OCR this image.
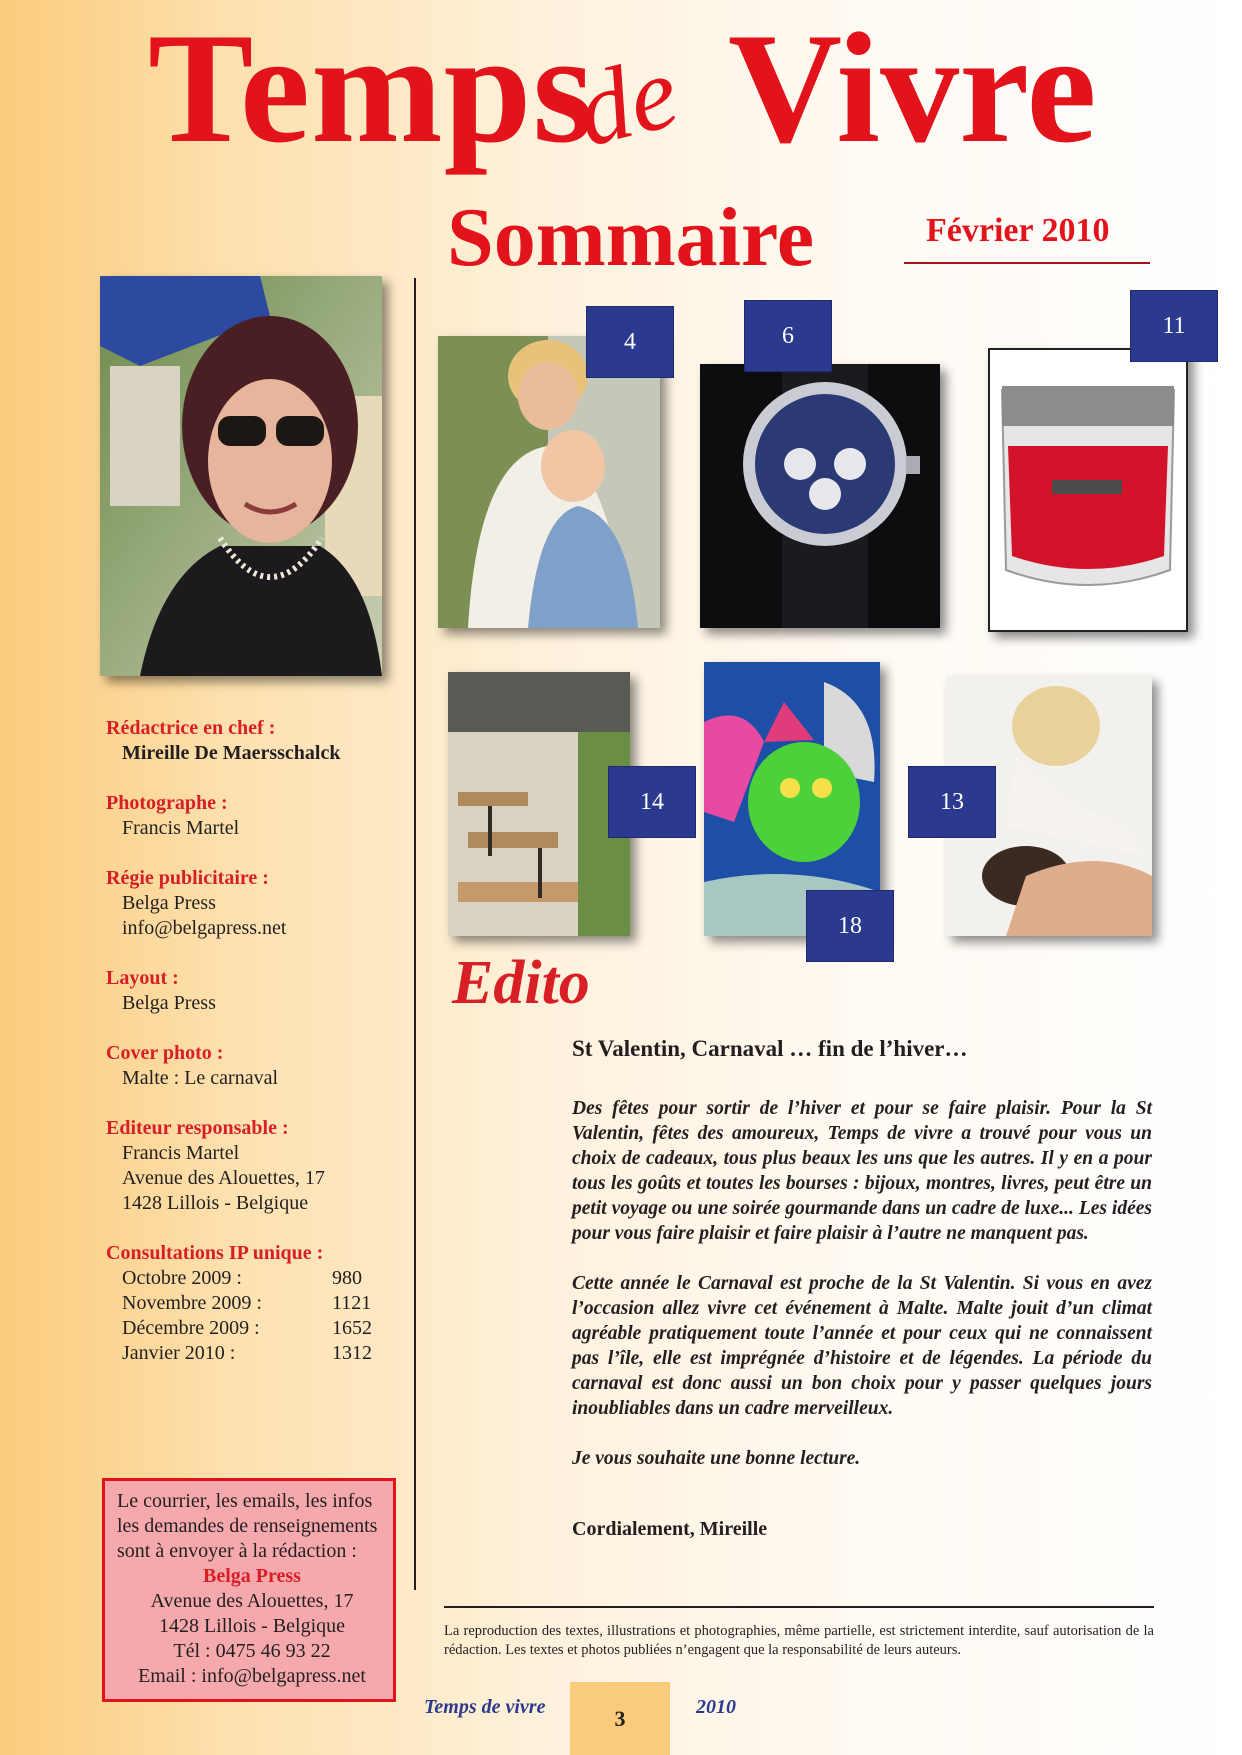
Temps
de Vivre
Sommaire	Février 2010
4	6	11
14	13
18
Rédactrice en chef :
Mireille De Maersschalck
Photographe :
Francis Martel
Régie publicitaire :
Belga Press
info@belgapress.net
Layout :
Belga Press
Cover photo :
Malte : Le carnaval
Editeur responsable :
Francis Martel
Avenue des Alouettes, 17
1428 Lillois - Belgique
Consultations IP unique :
Octobre 2009 :	980
Novembre 2009 :	1121
Décembre 2009 :	1652
Janvier 2010 :	1312
Le courrier, les emails, les infos
les demandes de renseignements
sont à envoyer à la rédaction :
Belga Press
Avenue des Alouettes, 17
1428 Lillois - Belgique
Tél : 0475 46 93 22
Email : info@belgapress.net
Edito
St Valentin, Carnaval … fin de l’hiver…

Des fêtes pour sortir de l’hiver et pour se faire plaisir. Pour la St Valentin, fêtes des amoureux, Temps de vivre a trouvé pour vous un choix de cadeaux, tous plus beaux les uns que les autres. Il y en a pour tous les goûts et toutes les bourses : bijoux, montres, livres, peut être un petit voyage ou une soirée gourmande dans un cadre de luxe... Les idées pour vous faire plaisir et faire plaisir à l’autre ne manquent pas.

Cette année le Carnaval est proche de la St Valentin. Si vous en avez l’occasion allez vivre cet événement à Malte. Malte jouit d’un climat agréable pratiquement toute l’année et pour ceux qui ne connaissent pas l’île, elle est imprégnée d’histoire et de légendes. La période du carnaval est donc aussi un bon choix pour y passer quelques jours inoubliables dans un cadre merveilleux.

Je vous souhaite une bonne lecture.

Cordialement, Mireille
La reproduction des textes, illustrations et photographies, même partielle, est strictement interdite, sauf autorisation de la rédaction. Les textes et photos publiées n’engagent que la responsabilité de leurs auteurs.
Temps de vivre	3	2010
